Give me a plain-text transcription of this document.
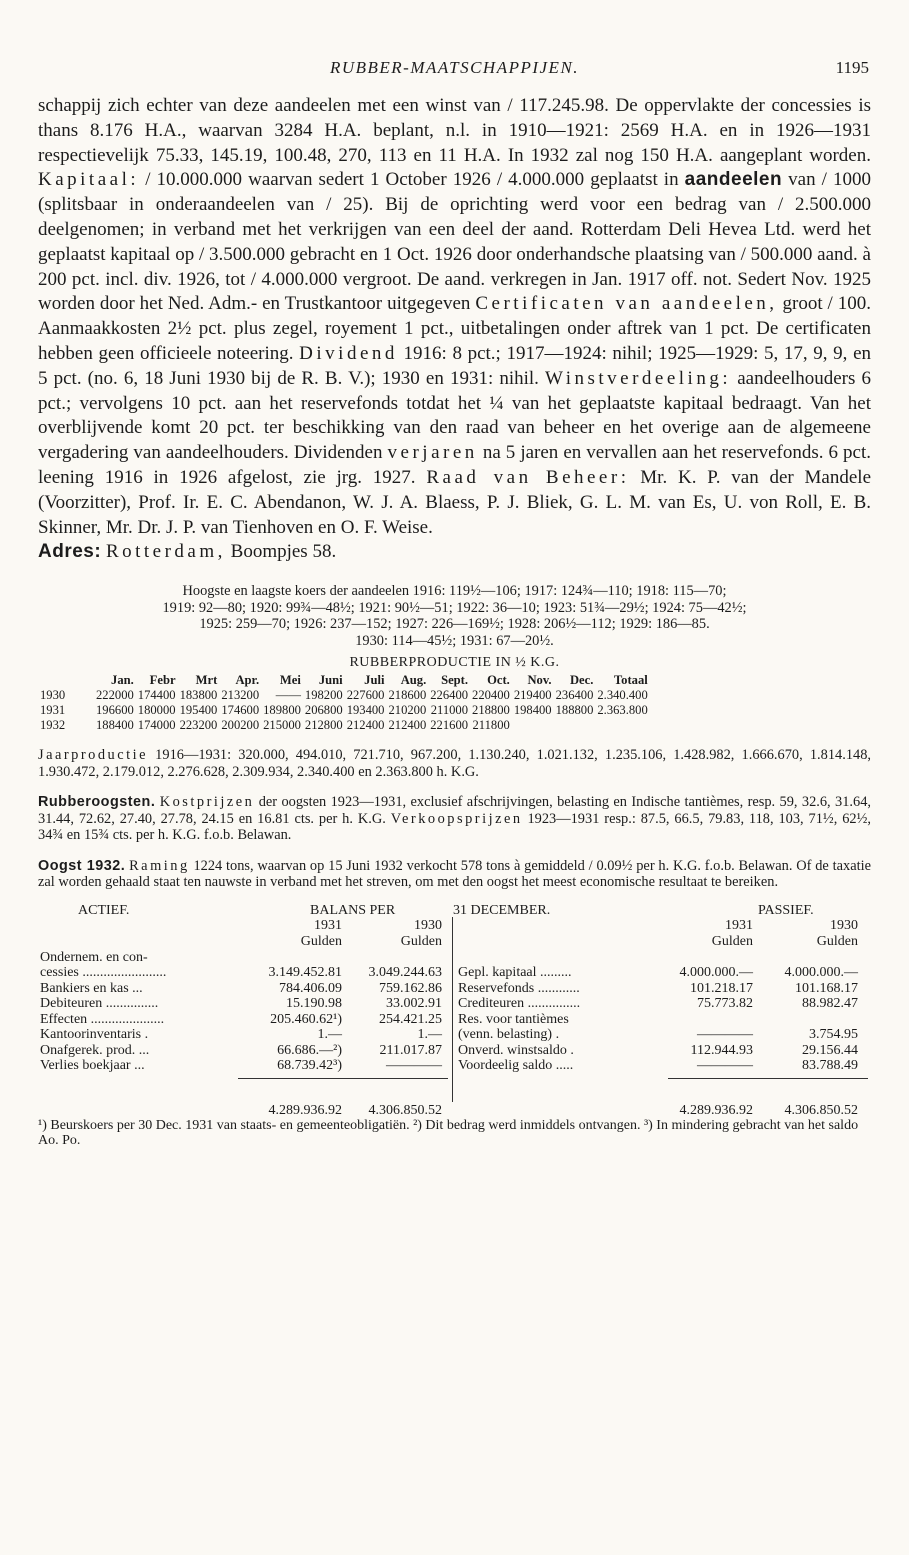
RUBBER-MAATSCHAPPIJEN.	1195

schappij zich echter van deze aandeelen met een winst van / 117.245.98. De oppervlakte der concessies is thans 8.176 H.A., waarvan 3284 H.A. beplant, n.l. in 1910—1921: 2569 H.A. en in 1926—1931 respectievelijk 75.33, 145.19, 100.48, 270, 113 en 11 H.A. In 1932 zal nog 150 H.A. aangeplant worden. Kapitaal: / 10.000.000 waarvan sedert 1 October 1926 / 4.000.000 geplaatst in aandeelen van / 1000 (splitsbaar in onderaandeelen van / 25). Bij de oprichting werd voor een bedrag van / 2.500.000 deelgenomen; in verband met het verkrijgen van een deel der aand. Rotterdam Deli Hevea Ltd. werd het geplaatst kapitaal op / 3.500.000 gebracht en 1 Oct. 1926 door onderhandsche plaatsing van / 500.000 aand. à 200 pct. incl. div. 1926, tot / 4.000.000 vergroot. De aand. verkregen in Jan. 1917 off. not. Sedert Nov. 1925 worden door het Ned. Adm.- en Trustkantoor uitgegeven Certificaten van aandeelen, groot / 100. Aanmaakkosten 2½ pct. plus zegel, royement 1 pct., uitbetalingen onder aftrek van 1 pct. De certificaten hebben geen officieele noteering. Dividend 1916: 8 pct.; 1917—1924: nihil; 1925—1929: 5, 17, 9, 9, en 5 pct. (no. 6, 18 Juni 1930 bij de R. B. V.); 1930 en 1931: nihil. Winstverdeeling: aandeelhouders 6 pct.; vervolgens 10 pct. aan het reservefonds totdat het ¼ van het geplaatste kapitaal bedraagt. Van het overblijvende komt 20 pct. ter beschikking van den raad van beheer en het overige aan de algemeene vergadering van aandeelhouders. Dividenden verjaren na 5 jaren en vervallen aan het reservefonds. 6 pct. leening 1916 in 1926 afgelost, zie jrg. 1927. Raad van Beheer: Mr. K. P. van der Mandele (Voorzitter), Prof. Ir. E. C. Abendanon, W. J. A. Blaess, P. J. Bliek, G. L. M. van Es, U. von Roll, E. B. Skinner, Mr. Dr. J. P. van Tienhoven en O. F. Weise.
Adres: Rotterdam, Boompjes 58.

Hoogste en laagste koers der aandeelen 1916: 119½—106; 1917: 124¾—110; 1918: 115—70;
1919: 92—80; 1920: 99¾—48½; 1921: 90½—51; 1922: 36—10; 1923: 51¾—29½; 1924: 75—42½;
1925: 259—70; 1926: 237—152; 1927: 226—169½; 1928: 206½—112; 1929: 186—85.
1930: 114—45½; 1931: 67—20½.
RUBBERPRODUCTIE IN ½ K.G.
	Jan.	Febr	Mrt	Apr.	Mei	Juni	Juli	Aug.	Sept.	Oct.	Nov.	Dec.	Totaal
1930	222000	174400	183800	213200	——	198200	227600	218600	226400	220400	219400	236400	2.340.400
1931	196600	180000	195400	174600	189800	206800	193400	210200	211000	218800	198400	188800	2.363.800
1932	188400	174000	223200	200200	215000	212800	212400	212400	221600	211800			
Jaarproductie 1916—1931: 320.000, 494.010, 721.710, 967.200, 1.130.240, 1.021.132, 1.235.106, 1.428.982, 1.666.670, 1.814.148, 1.930.472, 2.179.012, 2.276.628, 2.309.934, 2.340.400 en 2.363.800 h. K.G.
Rubberoogsten. Kostprijzen der oogsten 1923—1931, exclusief afschrijvingen, belasting en Indische tantièmes, resp. 59, 32.6, 31.64, 31.44, 72.62, 27.40, 27.78, 24.15 en 16.81 cts. per h. K.G. Verkoopsprijzen 1923—1931 resp.: 87.5, 66.5, 79.83, 118, 103, 71½, 62½, 34¾ en 15¾ cts. per h. K.G. f.o.b. Belawan.
Oogst 1932. Raming 1224 tons, waarvan op 15 Juni 1932 verkocht 578 tons à gemiddeld / 0.09½ per h. K.G. f.o.b. Belawan. Of de taxatie zal worden gehaald staat ten nauwste in verband met het streven, om met den oogst het meest economische resultaat te bereiken.
ACTIEF.	BALANS PER	31 DECEMBER.	PASSIEF.
1931	1930
Gulden	Gulden
1931	1930
Gulden	Gulden
Ondernem. en con-
cessies ........................	3.149.452.81	3.049.244.63
Bankiers en kas ...	784.406.09	759.162.86
Debiteuren ...............	15.190.98	33.002.91
Effecten .....................	205.460.62¹)	254.421.25
Kantoorinventaris .	1.—	1.—
Onafgerek. prod. ...	66.686.—²)	211.017.87
Verlies boekjaar ...	68.739.42³)	————
Gepl. kapitaal .........	4.000.000.—	4.000.000.—
Reservefonds ............	101.218.17	101.168.17
Crediteuren ...............	75.773.82	88.982.47
Res. voor tantièmes
(venn. belasting) .	————	3.754.95
Onverd. winstsaldo .	112.944.93	29.156.44
Voordeelig saldo .....	————	83.788.49
4.289.936.92	4.306.850.52	4.289.936.92	4.306.850.52
¹) Beurskoers per 30 Dec. 1931 van staats- en gemeenteobligatiën. ²) Dit bedrag werd inmiddels ontvangen. ³) In mindering gebracht van het saldo Ao. Po.
